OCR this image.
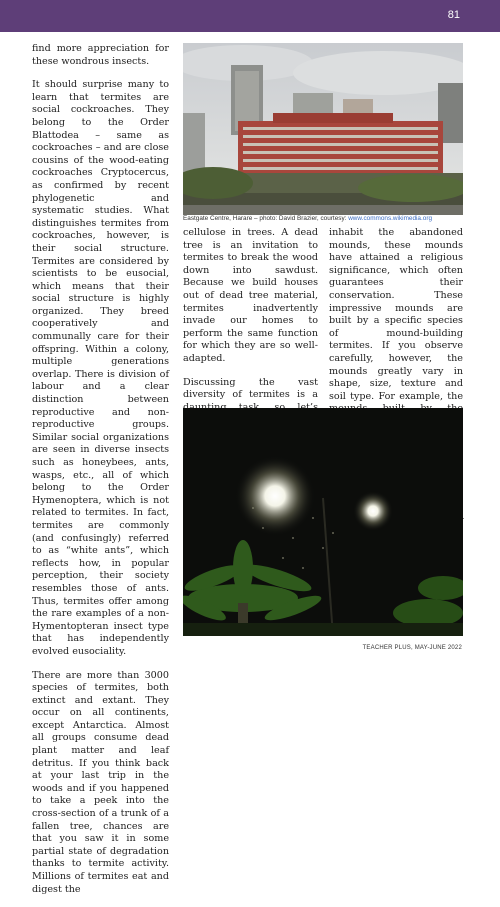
81

find more appreciation for these wondrous insects.

It should surprise many to learn that termites are social cockroaches. They belong to the Order Blattodea – same as cockroaches – and are close cousins of the wood-eating cockroaches Cryptocercus, as confirmed by recent phylogenetic and systematic studies. What distinguishes termites from cockroaches, however, is their social structure. Termites are considered by scientists to be eusocial, which means that their social structure is highly organized. They breed cooperatively and communally care for their offspring. Within a colony, multiple generations overlap. There is division of labour and a clear distinction between reproductive and non-reproductive groups. Similar social organizations are seen in diverse insects such as honeybees, ants, wasps, etc., all of which belong to the Order Hymenoptera, which is not related to termites. In fact, termites are commonly (and confusingly) referred to as “white ants”, which reflects how, in popular perception, their society resembles those of ants. Thus, termites offer among the rare examples of a non-Hymentopteran insect type that has independently evolved eusociality.

There are more than 3000 species of termites, both extinct and extant. They occur on all continents, except Antarctica. Almost all groups consume dead plant matter and leaf detritus. If you think back at your last trip in the woods and if you happened to take a peek into the cross-section of a trunk of a fallen tree, chances are that you saw it in some partial state of degradation thanks to termite activity. Millions of termites eat and digest the

Eastgate Centre, Harare – photo: David Brazier, courtesy: www.commons.wikimedia.org

cellulose in trees. A dead tree is an invitation to termites to break the wood down into sawdust. Because we build houses out of dead tree material, termites inadvertently invade our homes to perform the same function for which they are so well-adapted.

Discussing the vast diversity of termites is a

inhabit the abandoned mounds, these mounds have attained a religious significance, which often guarantees their conservation. These impressive mounds are built by a specific species of mound-building termites. If you observe carefully, however, the mounds greatly vary in shape, size, texture and soil type. For example, the

TEACHER PLUS, MAY-JUNE 2022
